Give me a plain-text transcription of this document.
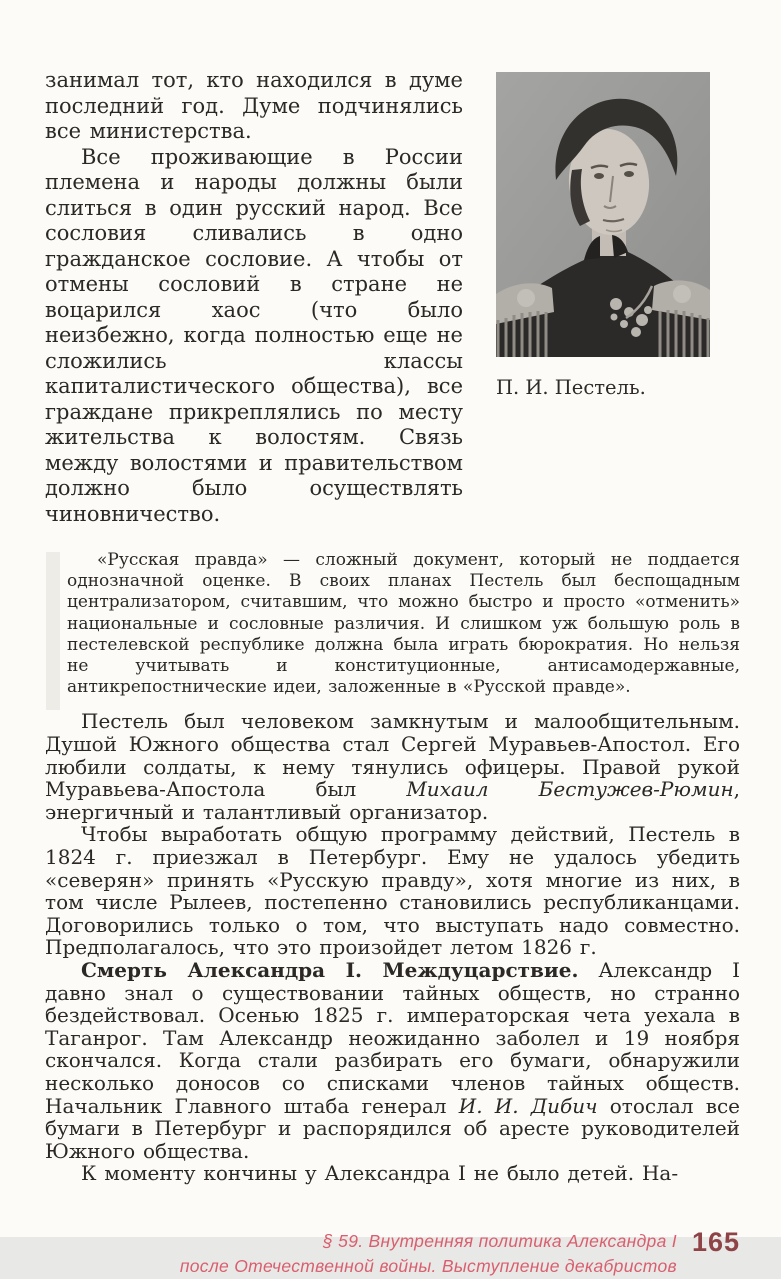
занимал тот, кто находился в думе последний год. Думе подчинялись все министерства.

Все проживающие в России племена и народы должны были слиться в один русский народ. Все сословия сливались в одно гражданское сословие. А чтобы от отмены сословий в стране не воцарился хаос (что было неизбежно, когда полностью еще не сложились классы капиталистического общества), все граждане прикреплялись по месту жительства к волостям. Связь между волостями и правительством должно было осуществлять чиновничество.

П. И. Пестель.

«Русская правда» — сложный документ, который не поддается однозначной оценке. В своих планах Пестель был беспощадным централизатором, считавшим, что можно быстро и просто «отменить» национальные и сословные различия. И слишком уж большую роль в пестелевской республике должна была играть бюрократия. Но нельзя не учитывать и конституционные, антисамодержавные, антикрепостнические идеи, заложенные в «Русской правде».

Пестель был человеком замкнутым и малообщительным. Душой Южного общества стал Сергей Муравьев-Апостол. Его любили солдаты, к нему тянулись офицеры. Правой рукой Муравьева-Апостола был Михаил Бестужев-Рюмин, энергичный и талантливый организатор.

Чтобы выработать общую программу действий, Пестель в 1824 г. приезжал в Петербург. Ему не удалось убедить «северян» принять «Русскую правду», хотя многие из них, в том числе Рылеев, постепенно становились республиканцами. Договорились только о том, что выступать надо совместно. Предполагалось, что это произойдет летом 1826 г.

Смерть Александра I. Междуцарствие. Александр I давно знал о существовании тайных обществ, но странно бездействовал. Осенью 1825 г. императорская чета уехала в Таганрог. Там Александр неожиданно заболел и 19 ноября скончался. Когда стали разбирать его бумаги, обнаружили несколько доносов со списками членов тайных обществ. Начальник Главного штаба генерал И. И. Дибич отослал все бумаги в Петербург и распорядился об аресте руководителей Южного общества.

К моменту кончины у Александра I не было детей. На-

§ 59. Внутренняя политика Александра I
после Отечественной войны. Выступление декабристов
165
